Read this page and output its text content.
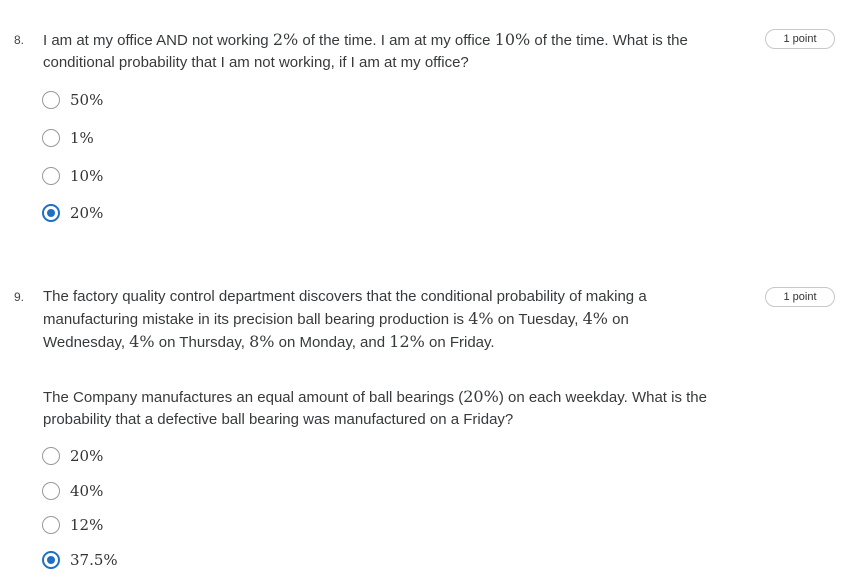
8. I am at my office AND not working 2% of the time. I am at my office 10% of the time. What is the conditional probability that I am not working, if I am at my office?

1 point
50%
1%
10%
20%
9. The factory quality control department discovers that the conditional probability of making a manufacturing mistake in its precision ball bearing production is 4% on Tuesday, 4% on Wednesday, 4% on Thursday, 8% on Monday, and 12% on Friday.

The Company manufactures an equal amount of ball bearings (20%) on each weekday. What is the probability that a defective ball bearing was manufactured on a Friday?

1 point
20%
40%
12%
37.5%
